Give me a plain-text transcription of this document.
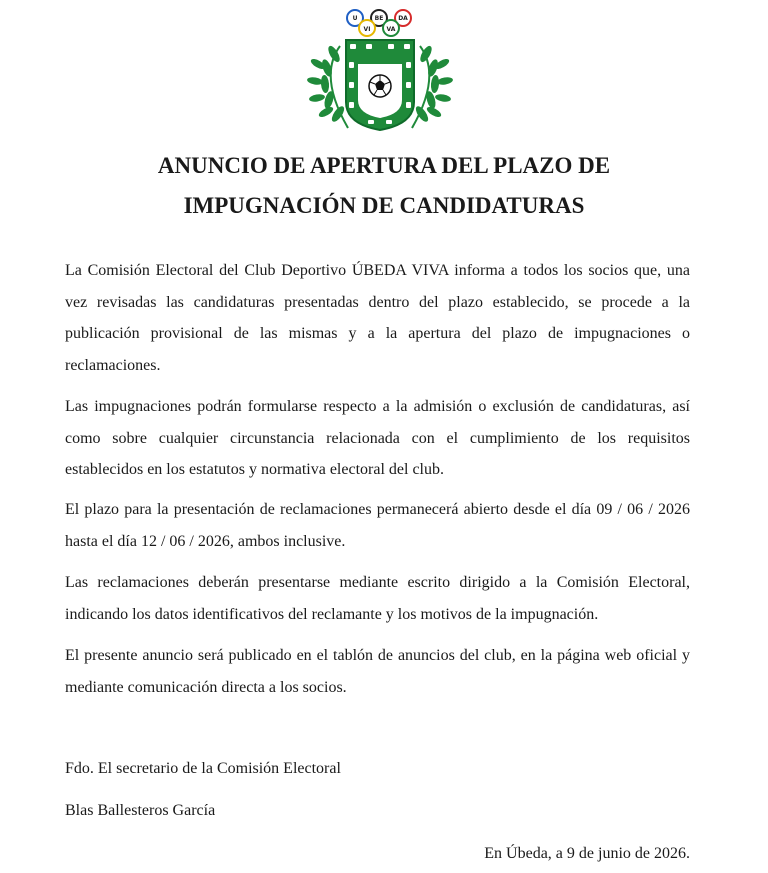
U	BE DA
VI	VA
ANUNCIO DE APERTURA DEL PLAZO DE
IMPUGNACIÓN DE CANDIDATURAS

La Comisión Electoral del Club Deportivo ÚBEDA VIVA informa a todos los socios que, una vez revisadas las candidaturas presentadas dentro del plazo establecido, se procede a la publicación provisional de las mismas y a la apertura del plazo de impugnaciones o reclamaciones.

Las impugnaciones podrán formularse respecto a la admisión o exclusión de candidaturas, así como sobre cualquier circunstancia relacionada con el cumplimiento de los requisitos establecidos en los estatutos y normativa electoral del club.

El plazo para la presentación de reclamaciones permanecerá abierto desde el día 09 / 06 / 2026 hasta el día 12 / 06 / 2026, ambos inclusive.

Las reclamaciones deberán presentarse mediante escrito dirigido a la Comisión Electoral, indicando los datos identificativos del reclamante y los motivos de la impugnación.

El presente anuncio será publicado en el tablón de anuncios del club, en la página web oficial y mediante comunicación directa a los socios.

Fdo. El secretario de la Comisión Electoral
Blas Ballesteros García
En Úbeda, a 9 de junio de 2026.
